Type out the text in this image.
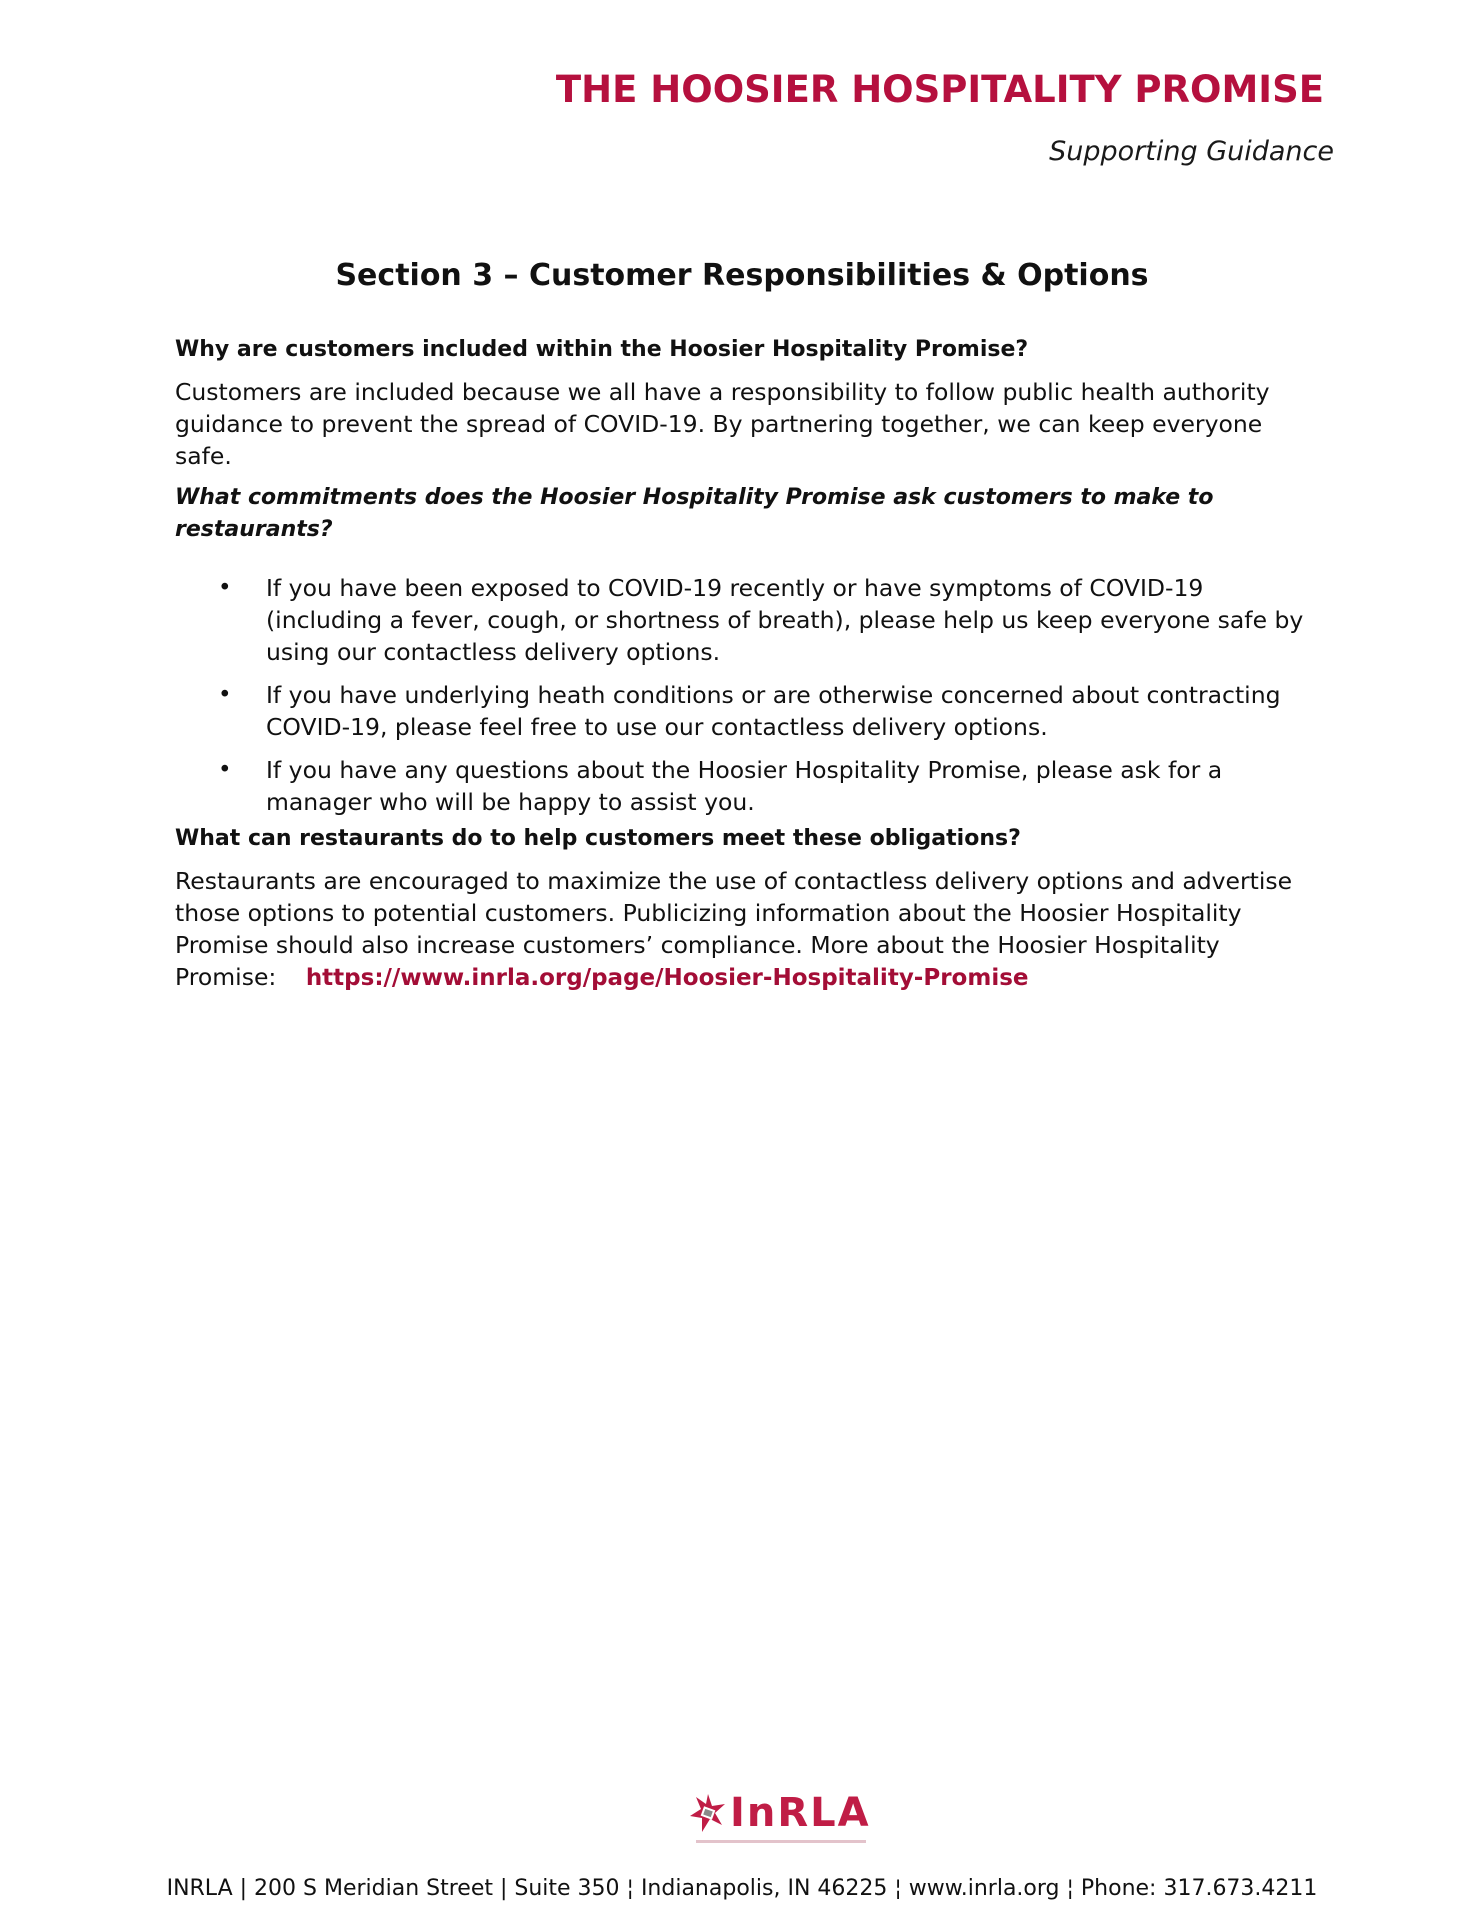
THE HOOSIER HOSPITALITY PROMISE
Supporting Guidance
Section 3 – Customer Responsibilities & Options
Why are customers included within the Hoosier Hospitality Promise?
Customers are included because we all have a responsibility to follow public health authority guidance to prevent the spread of COVID-19. By partnering together, we can keep everyone safe.
What commitments does the Hoosier Hospitality Promise ask customers to make to restaurants?
• If you have been exposed to COVID-19 recently or have symptoms of COVID-19 (including a fever, cough, or shortness of breath), please help us keep everyone safe by using our contactless delivery options.
• If you have underlying heath conditions or are otherwise concerned about contracting COVID-19, please feel free to use our contactless delivery options.
• If you have any questions about the Hoosier Hospitality Promise, please ask for a manager who will be happy to assist you.
What can restaurants do to help customers meet these obligations?
Restaurants are encouraged to maximize the use of contactless delivery options and advertise those options to potential customers. Publicizing information about the Hoosier Hospitality Promise should also increase customers’ compliance. More about the Hoosier Hospitality
Promise: https://www.inrla.org/page/Hoosier-Hospitality-Promise
InRLA
INRLA | 200 S Meridian Street | Suite 350 ¦ Indianapolis, IN 46225 ¦ www.inrla.org ¦ Phone: 317.673.4211
